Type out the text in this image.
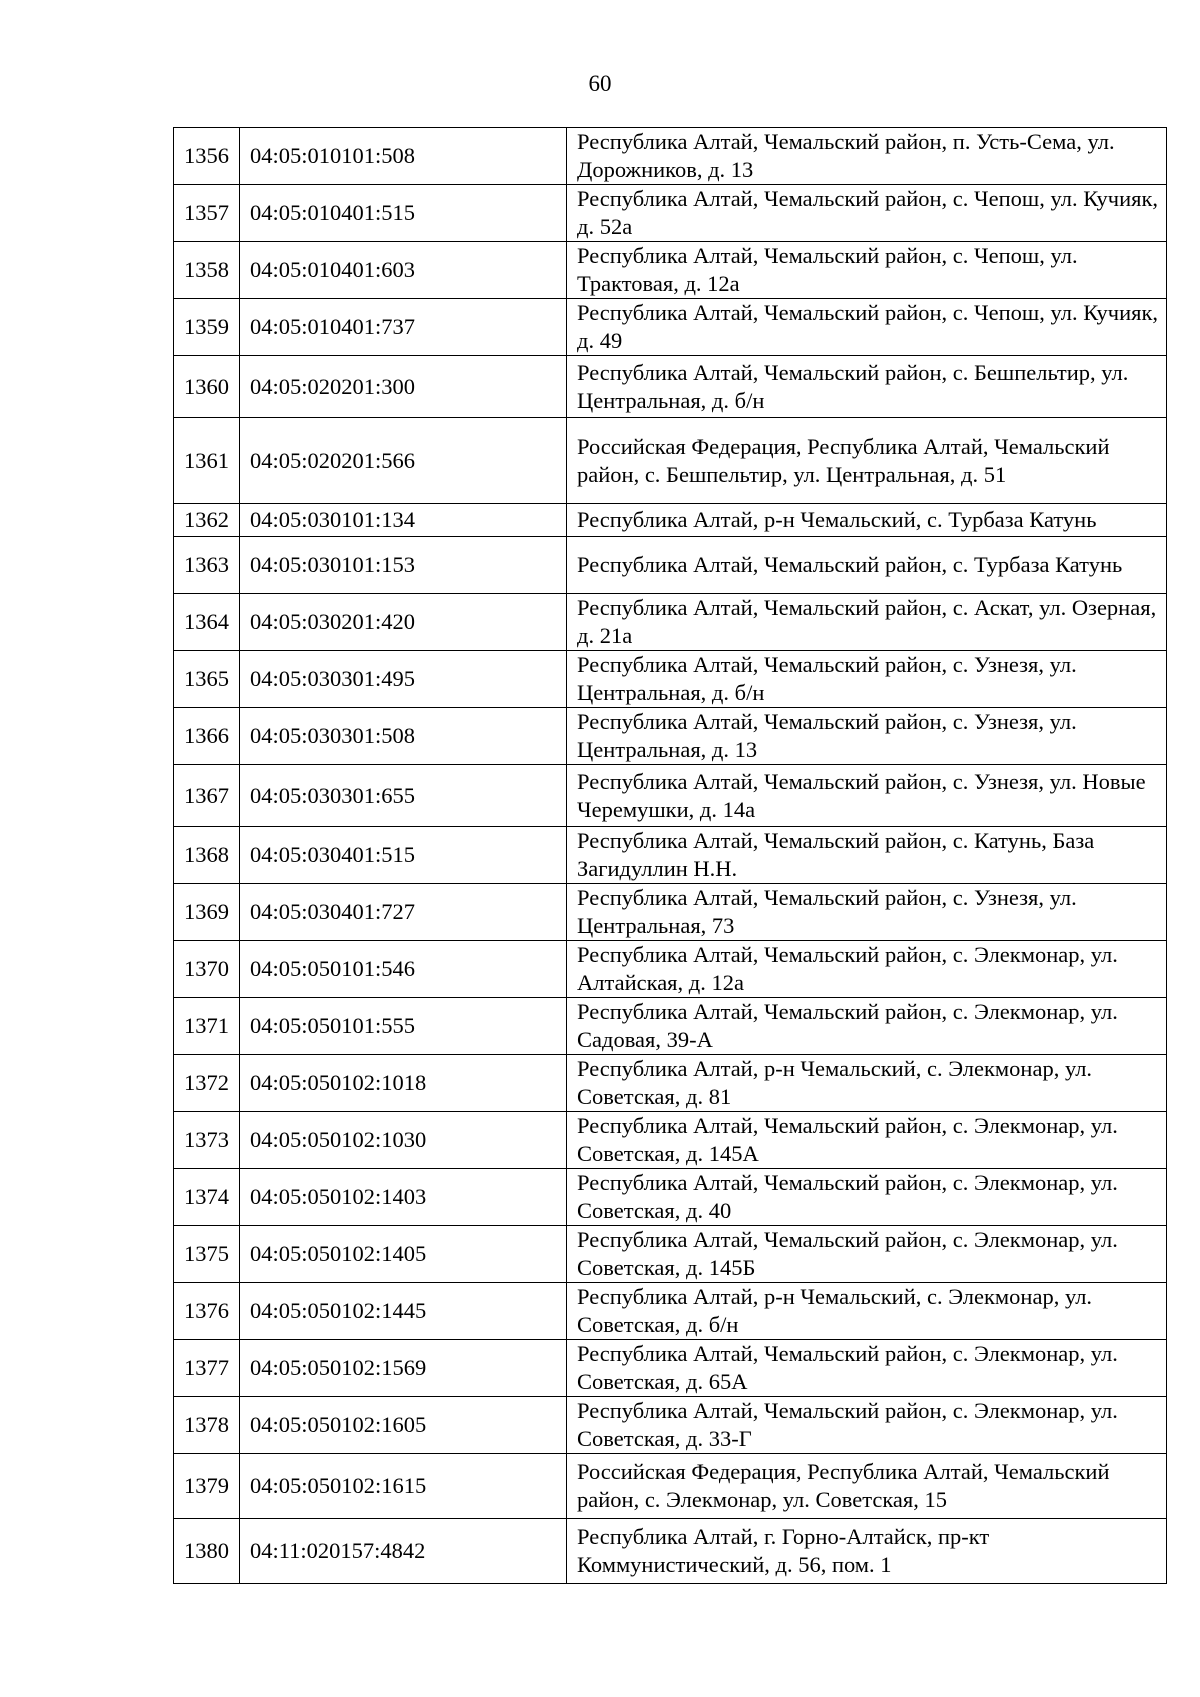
60
1356	04:05:010101:508	Республика Алтай, Чемальский район, п. Усть-Сема, ул. Дорожников, д. 13
1357	04:05:010401:515	Республика Алтай, Чемальский район, с. Чепош, ул. Кучияк, д. 52а
1358	04:05:010401:603	Республика Алтай, Чемальский район, с. Чепош, ул. Трактовая, д. 12а
1359	04:05:010401:737	Республика Алтай, Чемальский район, с. Чепош, ул. Кучияк, д. 49
1360	04:05:020201:300	Республика Алтай, Чемальский район, с. Бешпельтир, ул. Центральная, д. б/н
1361	04:05:020201:566	Российская Федерация, Республика Алтай, Чемальский район, с. Бешпельтир, ул. Центральная, д. 51
1362	04:05:030101:134	Республика Алтай, р-н Чемальский, с. Турбаза Катунь
1363	04:05:030101:153	Республика Алтай, Чемальский район, с. Турбаза Катунь
1364	04:05:030201:420	Республика Алтай, Чемальский район, с. Аскат, ул. Озерная, д. 21а
1365	04:05:030301:495	Республика Алтай, Чемальский район, с. Узнезя, ул. Центральная, д. б/н
1366	04:05:030301:508	Республика Алтай, Чемальский район, с. Узнезя, ул. Центральная, д. 13
1367	04:05:030301:655	Республика Алтай, Чемальский район, с. Узнезя, ул. Новые Черемушки, д. 14а
1368	04:05:030401:515	Республика Алтай, Чемальский район, с. Катунь, База Загидуллин Н.Н.
1369	04:05:030401:727	Республика Алтай, Чемальский район, с. Узнезя, ул. Центральная, 73
1370	04:05:050101:546	Республика Алтай, Чемальский район, с. Элекмонар, ул. Алтайская, д. 12а
1371	04:05:050101:555	Республика Алтай, Чемальский район, с. Элекмонар, ул. Садовая, 39-А
1372	04:05:050102:1018	Республика Алтай, р-н Чемальский, с. Элекмонар, ул. Советская, д. 81
1373	04:05:050102:1030	Республика Алтай, Чемальский район, с. Элекмонар, ул. Советская, д. 145А
1374	04:05:050102:1403	Республика Алтай, Чемальский район, с. Элекмонар, ул. Советская, д. 40
1375	04:05:050102:1405	Республика Алтай, Чемальский район, с. Элекмонар, ул. Советская, д. 145Б
1376	04:05:050102:1445	Республика Алтай, р-н Чемальский, с. Элекмонар, ул. Советская, д. б/н
1377	04:05:050102:1569	Республика Алтай, Чемальский район, с. Элекмонар, ул. Советская, д. 65А
1378	04:05:050102:1605	Республика Алтай, Чемальский район, с. Элекмонар, ул. Советская, д. 33-Г
1379	04:05:050102:1615	Российская Федерация, Республика Алтай, Чемальский район, с. Элекмонар, ул. Советская, 15
1380	04:11:020157:4842	Республика Алтай, г. Горно-Алтайск, пр-кт Коммунистический, д. 56, пом. 1
